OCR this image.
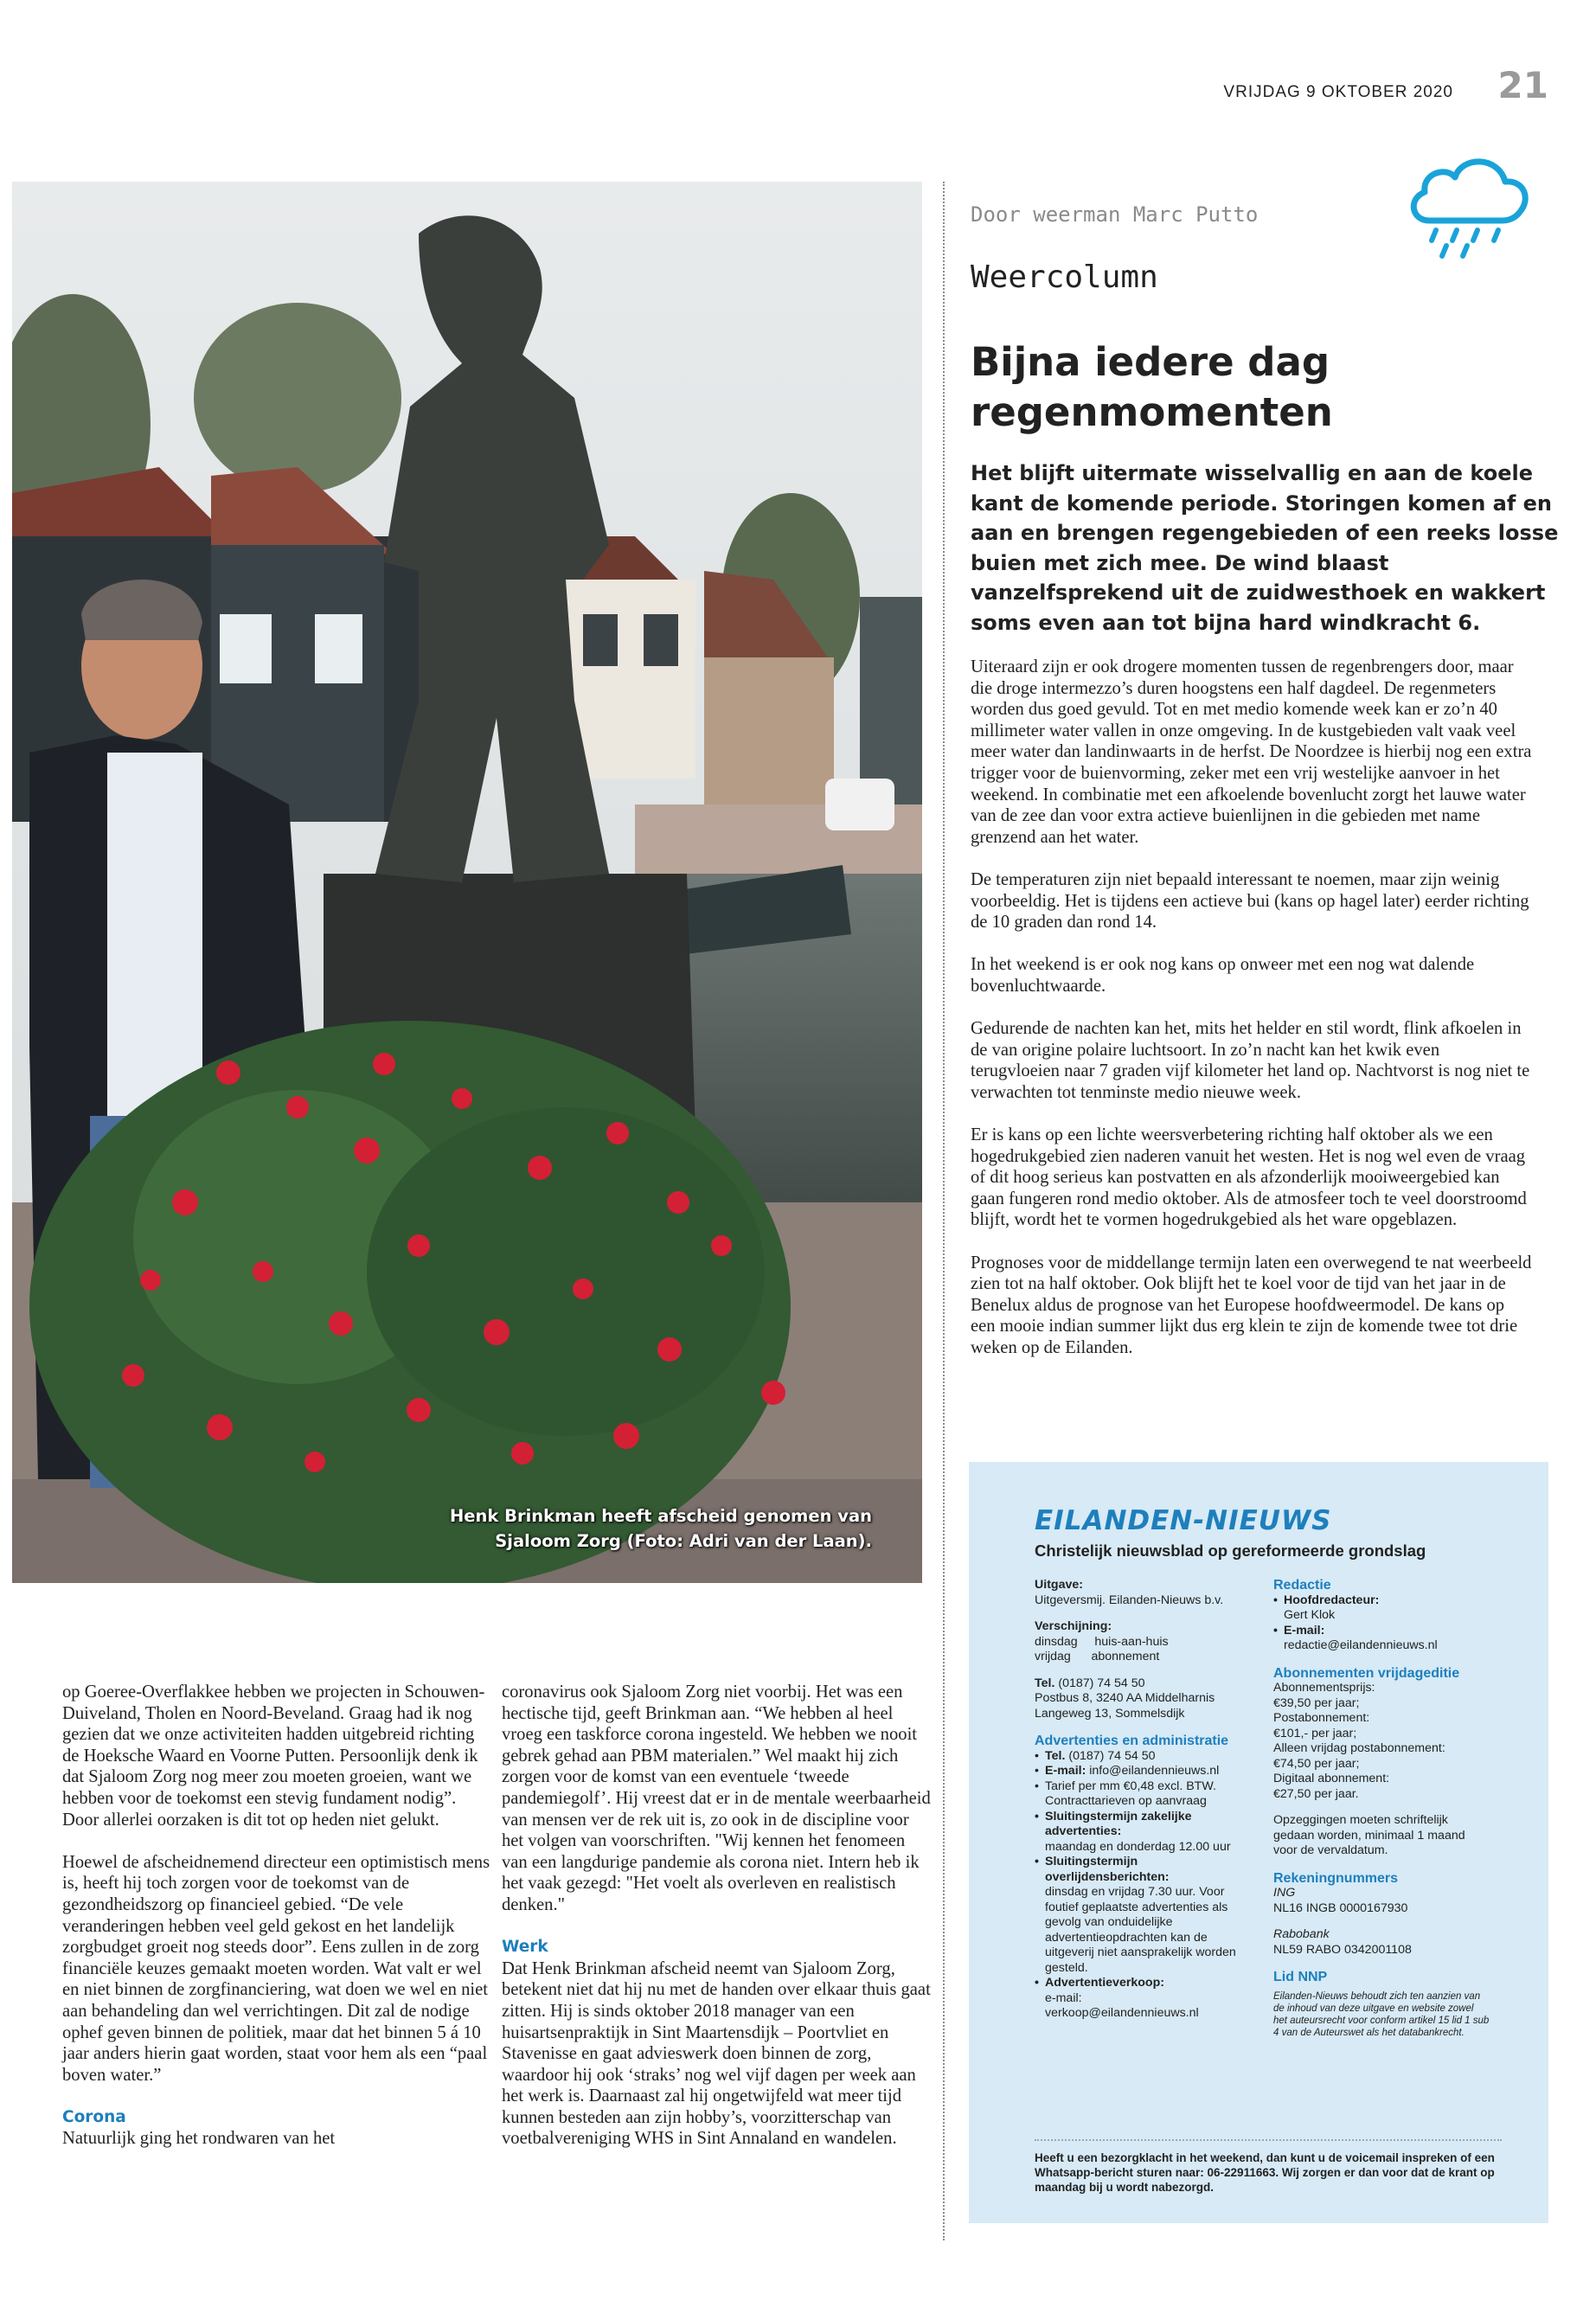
VRIJDAG 9 OKTOBER 2020 21
Henk Brinkman heeft afscheid genomen van
Sjaloom Zorg (Foto: Adri van der Laan).
Door weerman Marc Putto
Weercolumn
Bijna iedere dag
regenmomenten
Het blijft uitermate wisselvallig en aan de koele kant de komende periode. Storingen komen af en aan en brengen regengebieden of een reeks losse buien met zich mee. De wind blaast vanzelfsprekend uit de zuidwesthoek en wakkert soms even aan tot bijna hard windkracht 6.

Uiteraard zijn er ook drogere momenten tussen de regenbrengers door, maar die droge intermezzo’s duren hoogstens een half dagdeel. De regenmeters worden dus goed gevuld. Tot en met medio komende week kan er zo’n 40 millimeter water vallen in onze omgeving. In de kustgebieden valt vaak veel meer water dan landinwaarts in de herfst. De Noordzee is hierbij nog een extra trigger voor de buienvorming, zeker met een vrij westelijke aanvoer in het weekend. In combinatie met een afkoelende bovenlucht zorgt het lauwe water van de zee dan voor extra actieve buienlijnen in die gebieden met name grenzend aan het water.

De temperaturen zijn niet bepaald interessant te noemen, maar zijn weinig voorbeeldig. Het is tijdens een actieve bui (kans op hagel later) eerder richting de 10 graden dan rond 14.

In het weekend is er ook nog kans op onweer met een nog wat dalende bovenluchtwaarde.

Gedurende de nachten kan het, mits het helder en stil wordt, flink afkoelen in de van origine polaire luchtsoort. In zo’n nacht kan het kwik even terugvloeien naar 7 graden vijf kilometer het land op. Nachtvorst is nog niet te verwachten tot tenminste medio nieuwe week.

Er is kans op een lichte weersverbetering richting half oktober als we een hogedrukgebied zien naderen vanuit het westen. Het is nog wel even de vraag of dit hoog serieus kan postvatten en als afzonderlijk mooiweergebied kan gaan fungeren rond medio oktober. Als de atmosfeer toch te veel doorstroomd blijft, wordt het te vormen hogedrukgebied als het ware opgeblazen.

Prognoses voor de middellange termijn laten een overwegend te nat weerbeeld zien tot na half oktober. Ook blijft het te koel voor de tijd van het jaar in de Benelux aldus de prognose van het Europese hoofdweermodel. De kans op een mooie indian summer lijkt dus erg klein te zijn de komende twee tot drie weken op de Eilanden.

op Goeree-Overflakkee hebben we projecten in Schouwen-Duiveland, Tholen en Noord-Beveland. Graag had ik nog gezien dat we onze activiteiten hadden uitgebreid richting de Hoeksche Waard en Voorne Putten. Persoonlijk denk ik dat Sjaloom Zorg nog meer zou moeten groeien, want we hebben voor de toekomst een stevig fundament nodig”. Door allerlei oorzaken is dit tot op heden niet gelukt.

Hoewel de afscheidnemend directeur een optimistisch mens is, heeft hij toch zorgen voor de toekomst van de gezondheidszorg op financieel gebied. “De vele veranderingen hebben veel geld gekost en het landelijk zorgbudget groeit nog steeds door”. Eens zullen in de zorg financiële keuzes gemaakt moeten worden. Wat valt er wel en niet binnen de zorgfinanciering, wat doen we wel en niet aan behandeling dan wel verrichtingen. Dit zal de nodige ophef geven binnen de politiek, maar dat het binnen 5 á 10 jaar anders hierin gaat worden, staat voor hem als een “paal boven water.”

Corona

Natuurlijk ging het rondwaren van het

coronavirus ook Sjaloom Zorg niet voorbij. Het was een hectische tijd, geeft Brinkman aan. “We hebben al heel vroeg een taskforce corona ingesteld. We hebben we nooit gebrek gehad aan PBM materialen.” Wel maakt hij zich zorgen voor de komst van een eventuele ‘tweede pandemiegolf’. Hij vreest dat er in de mentale weerbaarheid van mensen ver de rek uit is, zo ook in de discipline voor het volgen van voorschriften. "Wij kennen het fenomeen van een langdurige pandemie als corona niet. Intern heb ik het vaak gezegd: "Het voelt als overleven en realistisch denken."

Werk

Dat Henk Brinkman afscheid neemt van Sjaloom Zorg, betekent niet dat hij nu met de handen over elkaar thuis gaat zitten. Hij is sinds oktober 2018 manager van een huisartsenpraktijk in Sint Maartensdijk – Poortvliet en Stavenisse en gaat advieswerk doen binnen de zorg, waardoor hij ook ‘straks’ nog wel vijf dagen per week aan het werk is. Daarnaast zal hij ongetwijfeld wat meer tijd kunnen besteden aan zijn hobby’s, voorzitterschap van voetbalvereniging WHS in Sint Annaland en wandelen.

EILANDEN-NIEUWS
Christelijk nieuwsblad op gereformeerde grondslag
Uitgave:
Uitgeversmij. Eilanden-Nieuws b.v.
Verschijning:
dinsdag     huis-aan-huis
vrijdag      abonnement
Tel. (0187) 74 54 50
Postbus 8, 3240 AA Middelharnis
Langeweg 13, Sommelsdijk
Advertenties en administratie
• Tel. (0187) 74 54 50
• E-mail: info@eilandennieuws.nl
• Tarief per mm €0,48 excl. BTW.
Contracttarieven op aanvraag
• Sluitingstermijn zakelijke advertenties:
maandag en donderdag 12.00 uur
• Sluitingstermijn overlijdensberichten:
dinsdag en vrijdag 7.30 uur. Voor foutief geplaatste advertenties als gevolg van onduidelijke advertentieopdrachten kan de uitgeverij niet aansprakelijk worden gesteld.
• Advertentieverkoop:
e-mail:
verkoop@eilandennieuws.nl
Redactie
• Hoofdredacteur:
Gert Klok
• E-mail:
redactie@eilandennieuws.nl
Abonnementen vrijdageditie
Abonnementsprijs:
€39,50 per jaar;
Postabonnement:
€101,- per jaar;
Alleen vrijdag postabonnement:
€74,50 per jaar;
Digitaal abonnement:
€27,50 per jaar.
Opzeggingen moeten schriftelijk gedaan worden, minimaal 1 maand voor de vervaldatum.
Rekeningnummers
ING
NL16 INGB 0000167930
Rabobank
NL59 RABO 0342001108
Lid NNP
Eilanden-Nieuws behoudt zich ten aanzien van de inhoud van deze uitgave en website zowel het auteursrecht voor conform artikel 15 lid 1 sub 4 van de Auteurswet als het databankrecht.
Heeft u een bezorgklacht in het weekend, dan kunt u de voicemail inspreken of een Whatsapp-bericht sturen naar: 06-22911663. Wij zorgen er dan voor dat de krant op maandag bij u wordt nabezorgd.
